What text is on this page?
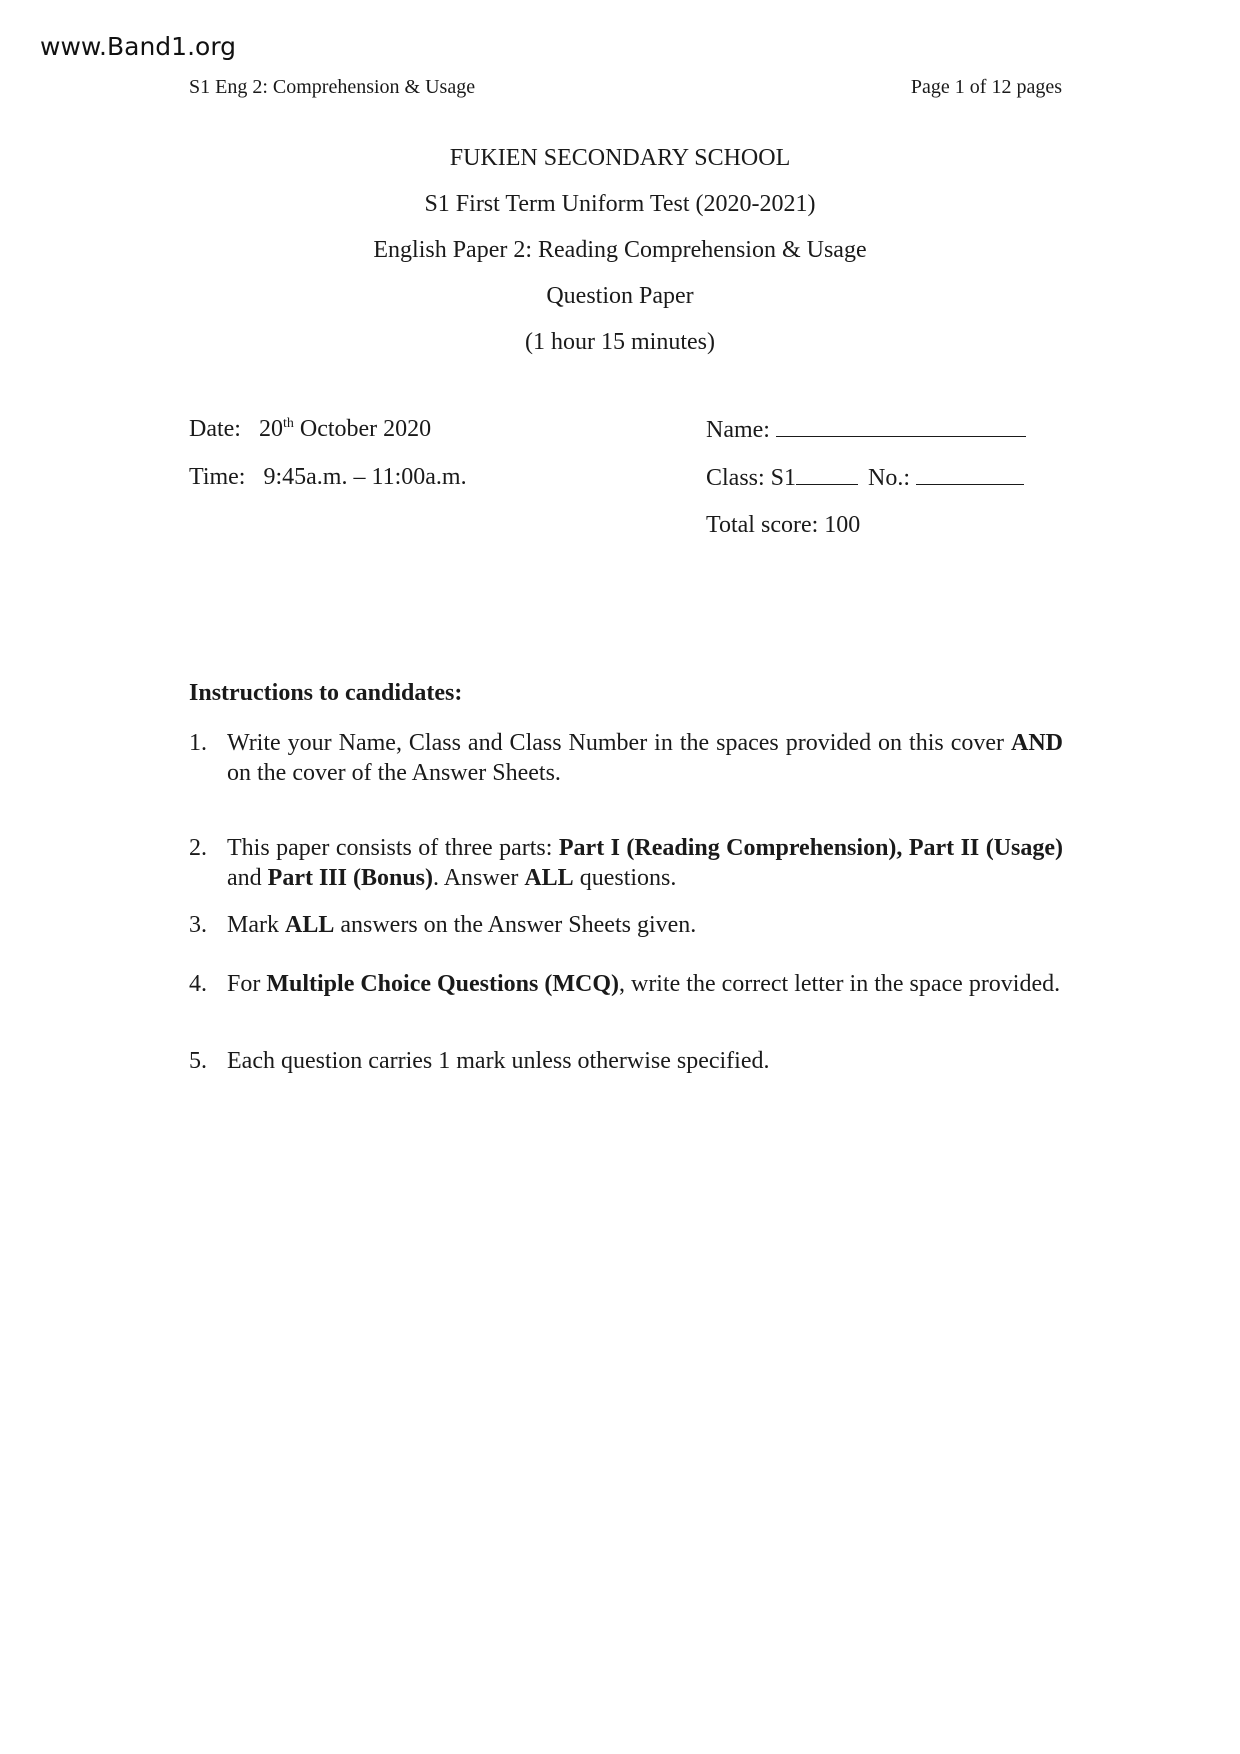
www.Band1.org
S1 Eng 2: Comprehension & Usage	Page 1 of 12 pages
FUKIEN SECONDARY SCHOOL
S1 First Term Uniform Test (2020-2021)
English Paper 2: Reading Comprehension & Usage
Question Paper
(1 hour 15 minutes)
Date: 20th October 2020
Time: 9:45a.m. – 11:00a.m.
Name:
Class: S1	No.:
Total score: 100
Instructions to candidates:
1. Write your Name, Class and Class Number in the spaces provided on this cover AND on the cover of the Answer Sheets.
2. This paper consists of three parts: Part I (Reading Comprehension), Part II (Usage) and Part III (Bonus). Answer ALL questions.
3. Mark ALL answers on the Answer Sheets given.
4. For Multiple Choice Questions (MCQ), write the correct letter in the space provided.
5. Each question carries 1 mark unless otherwise specified.
